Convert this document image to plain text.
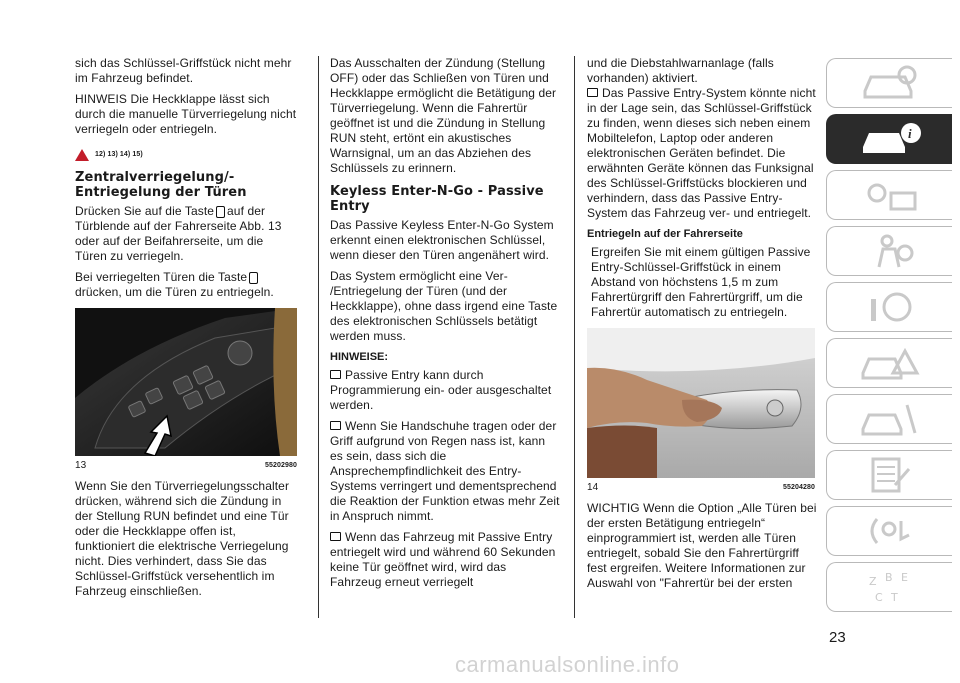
sich das Schlüssel-Griffstück nicht mehr im Fahrzeug befindet.

HINWEIS Die Heckklappe lässt sich durch die manuelle Türverriegelung nicht verriegeln oder entriegeln.

12) 13) 14) 15)
Zentralverriegelung/-Entriegelung der Türen

Drücken Sie auf die Taste auf der Türblende auf der Fahrerseite Abb. 13 oder auf der Beifahrerseite, um die Türen zu verriegeln.

Bei verriegelten Türen die Tastedrücken, um die Türen zu entriegeln.

13	55202980

Wenn Sie den Türverriegelungsschalter drücken, während sich die Zündung in der Stellung RUN befindet und eine Tür oder die Heckklappe offen ist, funktioniert die elektrische Verriegelung nicht. Dies verhindert, dass Sie das Schlüssel-Griffstück versehentlich im Fahrzeug einschließen.

Das Ausschalten der Zündung (Stellung OFF) oder das Schließen von Türen und Heckklappe ermöglicht die Betätigung der Türverriegelung. Wenn die Fahrertür geöffnet ist und die Zündung in Stellung RUN steht, ertönt ein akustisches Warnsignal, um an das Abziehen des Schlüssels zu erinnern.

Keyless Enter-N-Go - Passive Entry

Das Passive Keyless Enter-N-Go System erkennt einen elektronischen Schlüssel, wenn dieser den Türen angenähert wird.

Das System ermöglicht eine Ver- /Entriegelung der Türen (und der Heckklappe), ohne dass irgend eine Taste des elektronischen Schlüssels betätigt werden muss.

HINWEISE:

Passive Entry kann durch Programmierung ein- oder ausgeschaltet werden.

Wenn Sie Handschuhe tragen oder der Griff aufgrund von Regen nass ist, kann es sein, dass sich die Ansprechempfindlichkeit des Entry-Systems verringert und dementsprechend die Reaktion der Funktion etwas mehr Zeit in Anspruch nimmt.

Wenn das Fahrzeug mit Passive Entry entriegelt wird und während 60 Sekunden keine Tür geöffnet wird, wird das Fahrzeug erneut verriegelt

und die Diebstahlwarnanlage (falls vorhanden) aktiviert.

Das Passive Entry-System könnte nicht in der Lage sein, das Schlüssel-Griffstück zu finden, wenn dieses sich neben einem Mobiltelefon, Laptop oder anderen elektronischen Geräten befindet. Die erwähnten Geräte können das Funksignal des Schlüssel-Griffstücks blockieren und verhindern, dass das Passive Entry-System das Fahrzeug ver- und entriegelt.

Entriegeln auf der Fahrerseite

Ergreifen Sie mit einem gültigen Passive Entry-Schlüssel-Griffstück in einem Abstand von höchstens 1,5 m zum Fahrertürgriff den Fahrertürgriff, um die Fahrertür automatisch zu entriegeln.

14	55204280

WICHTIG Wenn die Option „Alle Türen bei der ersten Betätigung entriegeln“ einprogrammiert ist, werden alle Türen entriegelt, sobald Sie den Fahrertürgriff fest ergreifen. Weitere Informationen zur Auswahl von "Fahrertür bei der ersten

i
Z B E
C T
23
carmanualsonline.info
